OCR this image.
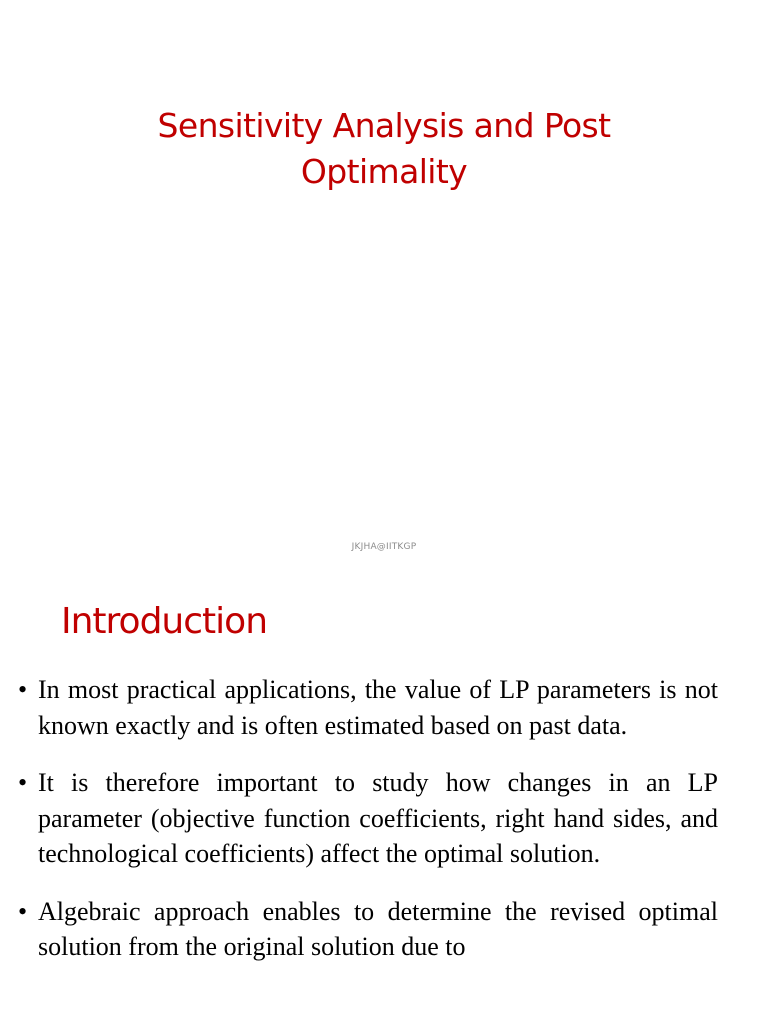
Sensitivity Analysis and Post
Optimality
JKJHA@IITKGP
Introduction
• In most practical applications, the value of LP parameters is not known exactly and is often estimated based on past data.
• It is therefore important to study how changes in an LP parameter (objective function coefficients, right hand sides, and technological coefficients) affect the optimal solution.
• Algebraic approach enables to determine the revised optimal solution from the original solution due to
